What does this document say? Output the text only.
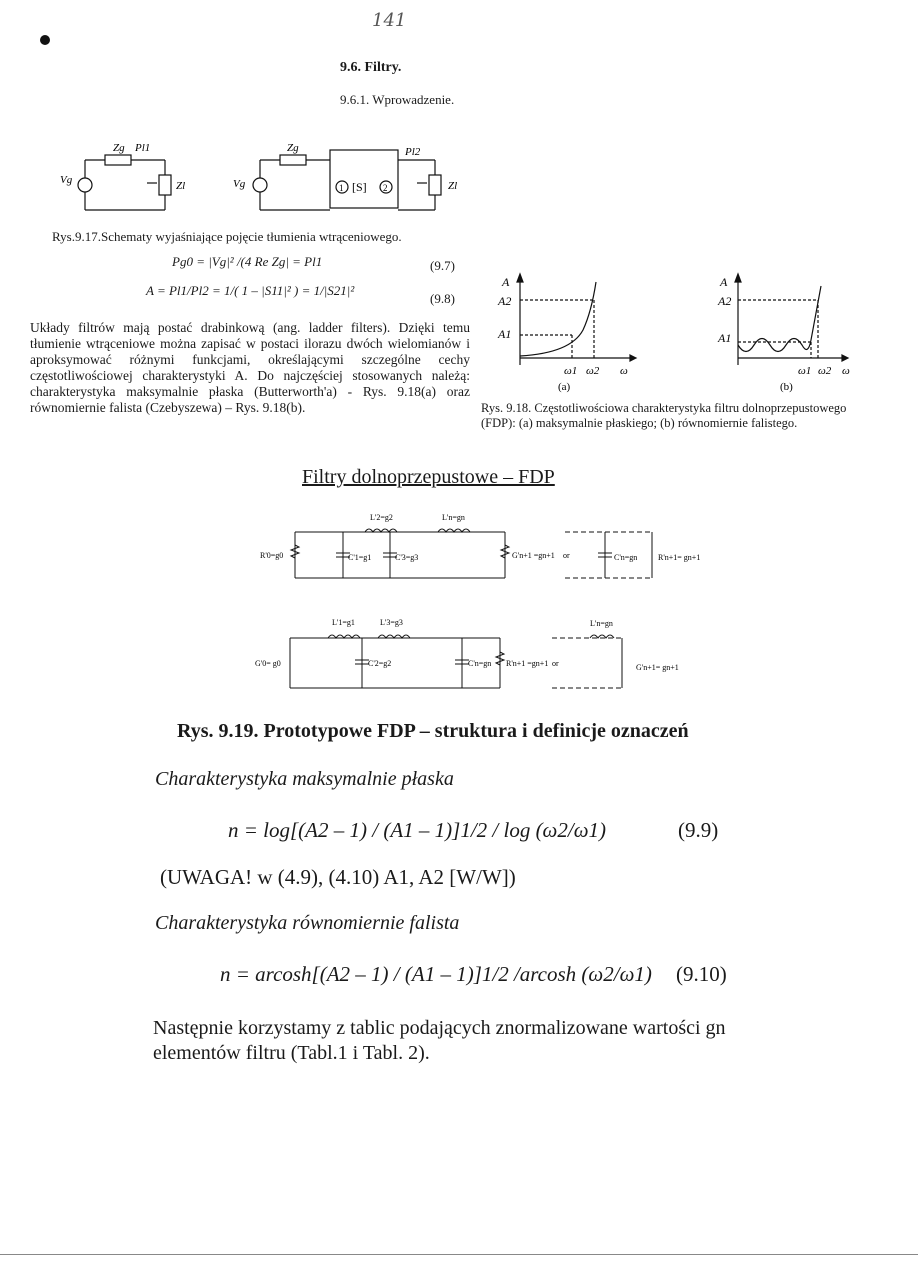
141
9.6. Filtry.
9.6.1. Wprowadzenie.
Zg Pl1
Vg	Zl
Zg	Pl2
Vg	[S]
1	2	Zl
Rys.9.17.Schematy wyjaśniające pojęcie tłumienia wtrąceniowego.
Pg0 = |Vg|² /(4 Re Zg| = Pl1	(9.7)
A = Pl1/Pl2 = 1/( 1 – |S11|² ) = 1/|S21|²
(9.8)
Układy filtrów mają postać drabinkową (ang. ladder filters). Dzięki temu tłumienie wtrąceniowe można zapisać w postaci ilorazu dwóch wielomianów i aproksymować różnymi funkcjami, określającymi szczególne cechy częstotliwościowej charakterystyki A. Do najczęściej stosowanych należą: charakterystyka maksymalnie płaska (Butterworth'a) - Rys. 9.18(a) oraz równomiernie falista (Czebyszewa) – Rys. 9.18(b).
A
A2
A1
ω1 ω2 ω
(a)
A
A2
A1
ω1 ω2 ω
(b)
Rys. 9.18. Częstotliwościowa charakterystyka filtru dolnoprzepustowego (FDP): (a) maksymalnie płaskiego; (b) równomiernie falistego.
Filtry dolnoprzepustowe – FDP
L'2=g2	L'n=gn
R'0=g0	C'1=g1	C'3=g3	G'n+1 =gn+1 or	C'n=gn	R'n+1= gn+1
L'1=g1	L'3=g3
G'0= g0	C'2=g2	C'n=gn R'n+1 =gn+1 or
L'n=gn
G'n+1= gn+1
Rys. 9.19. Prototypowe FDP – struktura i definicje oznaczeń
Charakterystyka maksymalnie płaska
n = log[(A2 – 1) / (A1 – 1)]1/2 / log (ω2/ω1)	(9.9)
(UWAGA! w (4.9), (4.10) A1, A2 [W/W])
Charakterystyka równomiernie falista
n = arcosh[(A2 – 1) / (A1 – 1)]1/2 /arcosh (ω2/ω1) (9.10)
Następnie korzystamy z tablic podających znormalizowane wartości gn elementów filtru (Tabl.1 i Tabl. 2).
